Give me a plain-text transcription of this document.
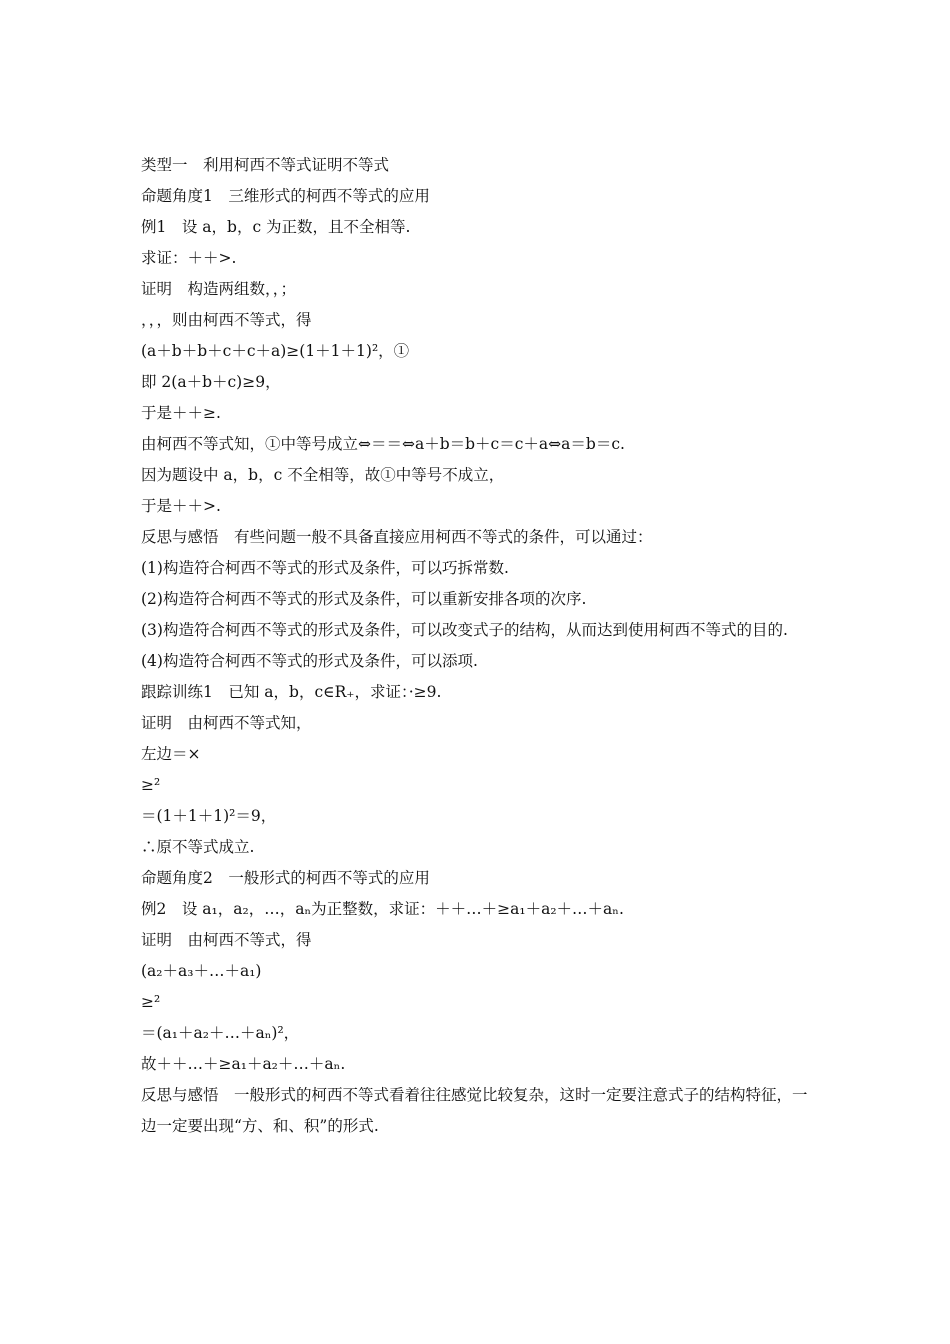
类型一　利用柯西不等式证明不等式
命题角度1　三维形式的柯西不等式的应用
例1　设 a，b，c 为正数，且不全相等.
求证：＋＋>.
证明　构造两组数，，；
，，，则由柯西不等式，得
(a＋b＋b＋c＋c＋a)≥(1＋1＋1)²，①
即 2(a＋b＋c)≥9，
于是＋＋≥.
由柯西不等式知，①中等号成立⇔＝＝⇔a＋b＝b＋c＝c＋a⇔a＝b＝c.
因为题设中 a，b，c 不全相等，故①中等号不成立，
于是＋＋>.
反思与感悟　有些问题一般不具备直接应用柯西不等式的条件，可以通过：
(1)构造符合柯西不等式的形式及条件，可以巧拆常数.
(2)构造符合柯西不等式的形式及条件，可以重新安排各项的次序.
(3)构造符合柯西不等式的形式及条件，可以改变式子的结构，从而达到使用柯西不等式的目的.
(4)构造符合柯西不等式的形式及条件，可以添项.
跟踪训练1　已知 a，b，c∈R₊，求证：·≥9.
证明　由柯西不等式知，
左边＝×
≥²
＝(1＋1＋1)²＝9，
∴原不等式成立.
命题角度2　一般形式的柯西不等式的应用
例2　设 a₁，a₂，…，aₙ为正整数，求证：＋＋…＋≥a₁＋a₂＋…＋aₙ.
证明　由柯西不等式，得
(a₂＋a₃＋…＋a₁)
≥²
＝(a₁＋a₂＋…＋aₙ)²，
故＋＋…＋≥a₁＋a₂＋…＋aₙ.
反思与感悟　一般形式的柯西不等式看着往往感觉比较复杂，这时一定要注意式子的结构特征，一边一定要出现“方、和、积”的形式.
